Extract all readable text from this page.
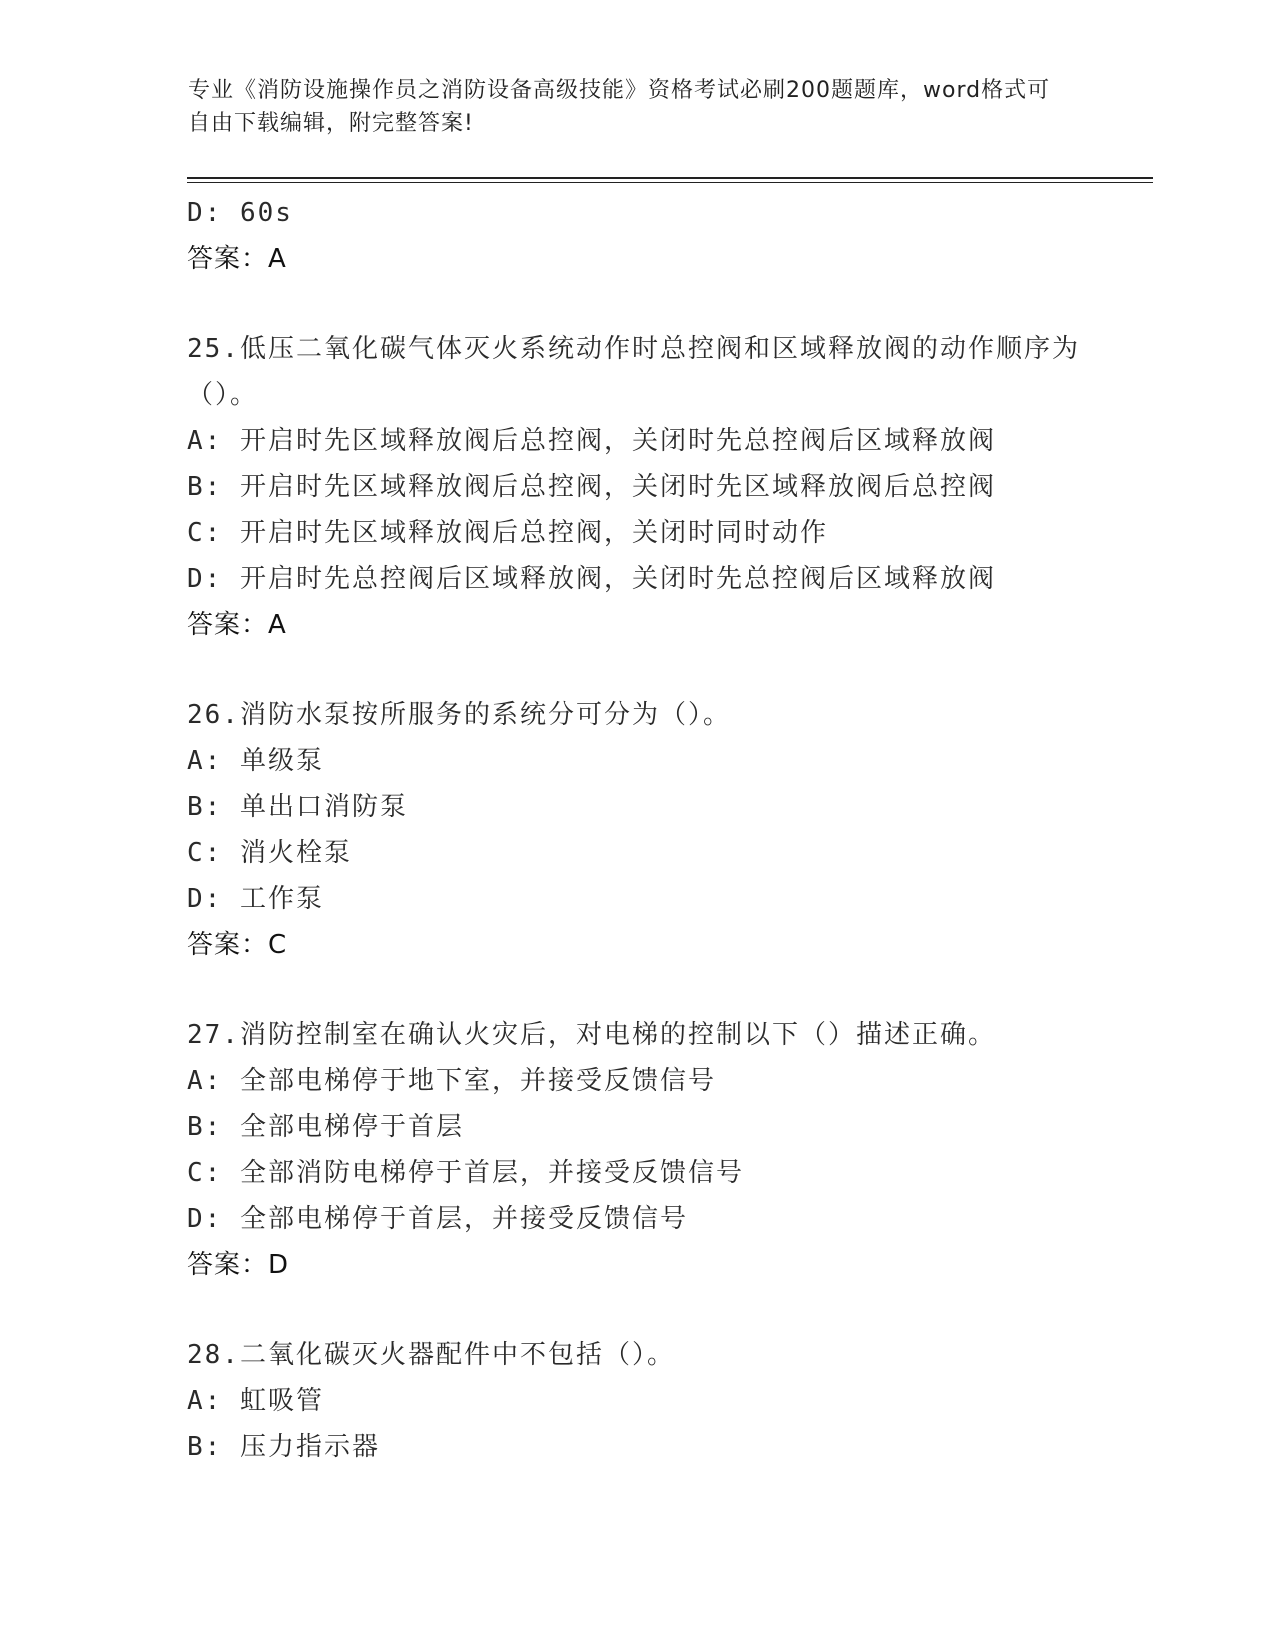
专业《消防设施操作员之消防设备高级技能》资格考试必刷200题题库，word格式可自由下载编辑，附完整答案!
D: 60s
答案：A
25.低压二氧化碳气体灭火系统动作时总控阀和区域释放阀的动作顺序为（）。
A: 开启时先区域释放阀后总控阀，关闭时先总控阀后区域释放阀
B: 开启时先区域释放阀后总控阀，关闭时先区域释放阀后总控阀
C: 开启时先区域释放阀后总控阀，关闭时同时动作
D: 开启时先总控阀后区域释放阀，关闭时先总控阀后区域释放阀
答案：A
26.消防水泵按所服务的系统分可分为（）。
A: 单级泵
B: 单出口消防泵
C: 消火栓泵
D: 工作泵
答案：C
27.消防控制室在确认火灾后，对电梯的控制以下（）描述正确。
A: 全部电梯停于地下室，并接受反馈信号
B: 全部电梯停于首层
C: 全部消防电梯停于首层，并接受反馈信号
D: 全部电梯停于首层，并接受反馈信号
答案：D
28.二氧化碳灭火器配件中不包括（）。
A: 虹吸管
B: 压力指示器
